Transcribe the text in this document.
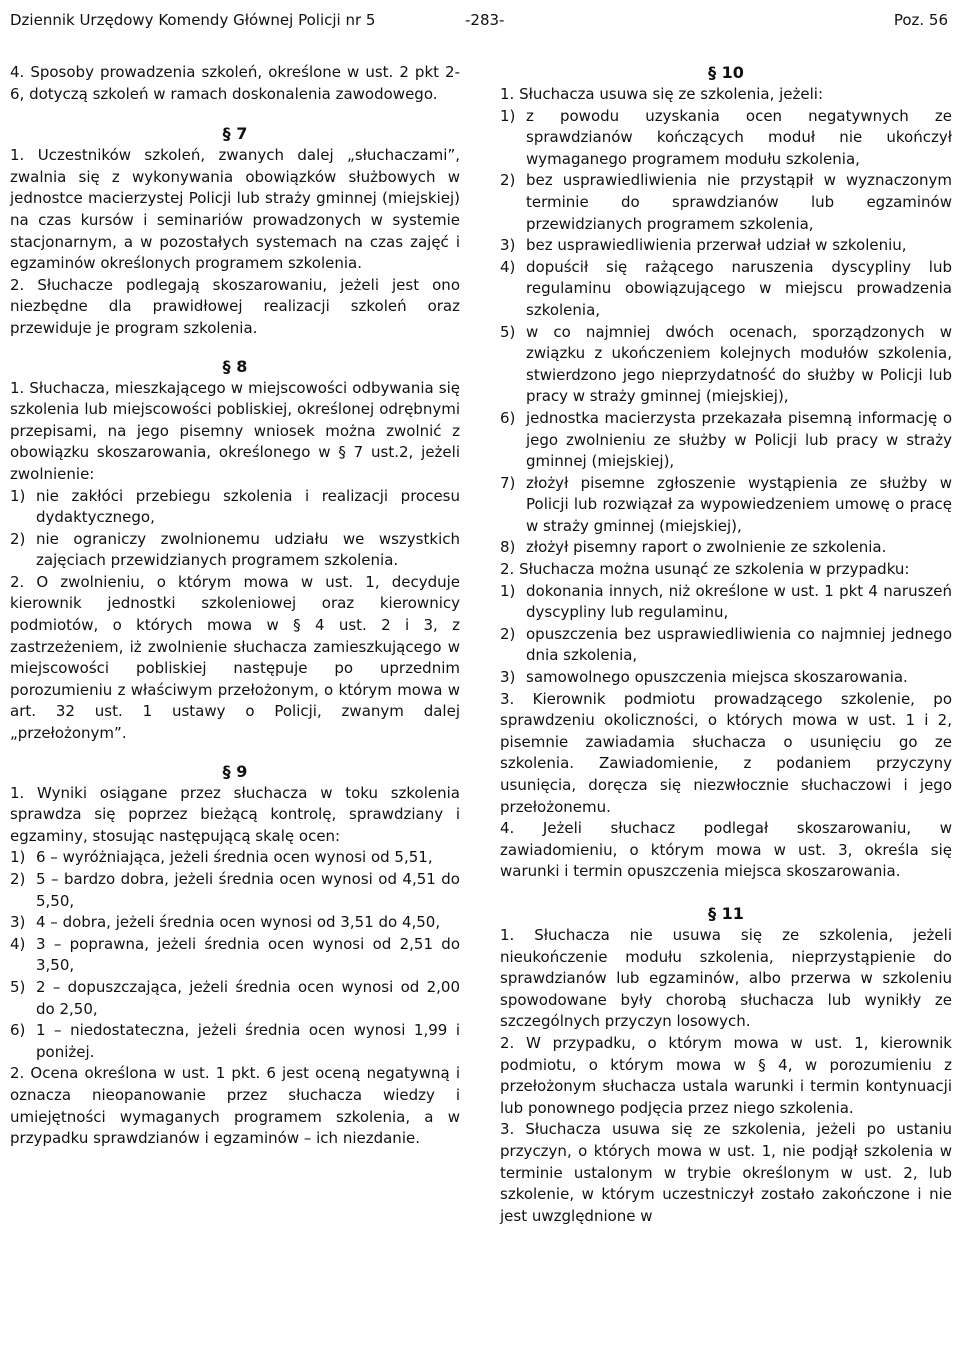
Dziennik Urzędowy Komendy Głównej Policji nr 5	-283-	Poz. 56
4. Sposoby prowadzenia szkoleń, określone w ust. 2 pkt 2-6, dotyczą szkoleń w ramach doskonalenia zawodowego.
§ 7
1. Uczestników szkoleń, zwanych dalej „słuchaczami”, zwalnia się z wykonywania obowiązków służbowych w jednostce macierzystej Policji lub straży gminnej (miejskiej) na czas kursów i seminariów prowadzonych w systemie stacjonarnym, a w pozostałych systemach na czas zajęć i egzaminów określonych programem szkolenia.
2. Słuchacze podlegają skoszarowaniu, jeżeli jest ono niezbędne dla prawidłowej realizacji szkoleń oraz przewiduje je program szkolenia.
§ 8
1. Słuchacza, mieszkającego w miejscowości odbywania się szkolenia lub miejscowości pobliskiej, określonej odrębnymi przepisami, na jego pisemny wniosek można zwolnić z obowiązku skoszarowania, określonego w § 7 ust.2, jeżeli zwolnienie:
1) nie zakłóci przebiegu szkolenia i realizacji procesu dydaktycznego,
2) nie ograniczy zwolnionemu udziału we wszystkich zajęciach przewidzianych programem szkolenia.
2. O zwolnieniu, o którym mowa w ust. 1, decyduje kierownik jednostki szkoleniowej oraz kierownicy podmiotów, o których mowa w § 4 ust. 2 i 3, z zastrzeżeniem, iż zwolnienie słuchacza zamieszkującego w miejscowości pobliskiej następuje po uprzednim porozumieniu z właściwym przełożonym, o którym mowa w art. 32 ust. 1 ustawy o Policji, zwanym dalej „przełożonym”.
§ 9
1. Wyniki osiągane przez słuchacza w toku szkolenia sprawdza się poprzez bieżącą kontrolę, sprawdziany i egzaminy, stosując następującą skalę ocen:
1) 6 – wyróżniająca, jeżeli średnia ocen wynosi od 5,51,
2) 5 – bardzo dobra, jeżeli średnia ocen wynosi od 4,51 do 5,50,
3) 4 – dobra, jeżeli średnia ocen wynosi od 3,51 do 4,50,
4) 3 – poprawna, jeżeli średnia ocen wynosi od 2,51 do 3,50,
5) 2 – dopuszczająca, jeżeli średnia ocen wynosi od 2,00 do 2,50,
6) 1 – niedostateczna, jeżeli średnia ocen wynosi 1,99 i poniżej.
2. Ocena określona w ust. 1 pkt. 6 jest oceną negatywną i oznacza nieopanowanie przez słuchacza wiedzy i umiejętności wymaganych programem szkolenia, a w przypadku sprawdzianów i egzaminów – ich niezdanie.
§ 10
1. Słuchacza usuwa się ze szkolenia, jeżeli:
1) z powodu uzyskania ocen negatywnych ze sprawdzianów kończących moduł nie ukończył wymaganego programem modułu szkolenia,
2) bez usprawiedliwienia nie przystąpił w wyznaczonym terminie do sprawdzianów lub egzaminów przewidzianych programem szkolenia,
3) bez usprawiedliwienia przerwał udział w szkoleniu,
4) dopuścił się rażącego naruszenia dyscypliny lub regulaminu obowiązującego w miejscu prowadzenia szkolenia,
5) w co najmniej dwóch ocenach, sporządzonych w związku z ukończeniem kolejnych modułów szkolenia, stwierdzono jego nieprzydatność do służby w Policji lub pracy w straży gminnej (miejskiej),
6) jednostka macierzysta przekazała pisemną informację o jego zwolnieniu ze służby w Policji lub pracy w straży gminnej (miejskiej),
7) złożył pisemne zgłoszenie wystąpienia ze służby w Policji lub rozwiązał za wypowiedzeniem umowę o pracę w straży gminnej (miejskiej),
8) złożył pisemny raport o zwolnienie ze szkolenia.
2. Słuchacza można usunąć ze szkolenia w przypadku:
1) dokonania innych, niż określone w ust. 1 pkt 4 naruszeń dyscypliny lub regulaminu,
2) opuszczenia bez usprawiedliwienia co najmniej jednego dnia szkolenia,
3) samowolnego opuszczenia miejsca skoszarowania.
3. Kierownik podmiotu prowadzącego szkolenie, po sprawdzeniu okoliczności, o których mowa w ust. 1 i 2, pisemnie zawiadamia słuchacza o usunięciu go ze szkolenia. Zawiadomienie, z podaniem przyczyny usunięcia, doręcza się niezwłocznie słuchaczowi i jego przełożonemu.
4. Jeżeli słuchacz podlegał skoszarowaniu, w zawiadomieniu, o którym mowa w ust. 3, określa się warunki i termin opuszczenia miejsca skoszarowania.
§ 11
1. Słuchacza nie usuwa się ze szkolenia, jeżeli nieukończenie modułu szkolenia, nieprzystąpienie do sprawdzianów lub egzaminów, albo przerwa w szkoleniu spowodowane były chorobą słuchacza lub wynikły ze szczególnych przyczyn losowych.
2. W przypadku, o którym mowa w ust. 1, kierownik podmiotu, o którym mowa w § 4, w porozumieniu z przełożonym słuchacza ustala warunki i termin kontynuacji lub ponownego podjęcia przez niego szkolenia.
3. Słuchacza usuwa się ze szkolenia, jeżeli po ustaniu przyczyn, o których mowa w ust. 1, nie podjął szkolenia w terminie ustalonym w trybie określonym w ust. 2, lub szkolenie, w którym uczestniczył zostało zakończone i nie jest uwzględnione w
